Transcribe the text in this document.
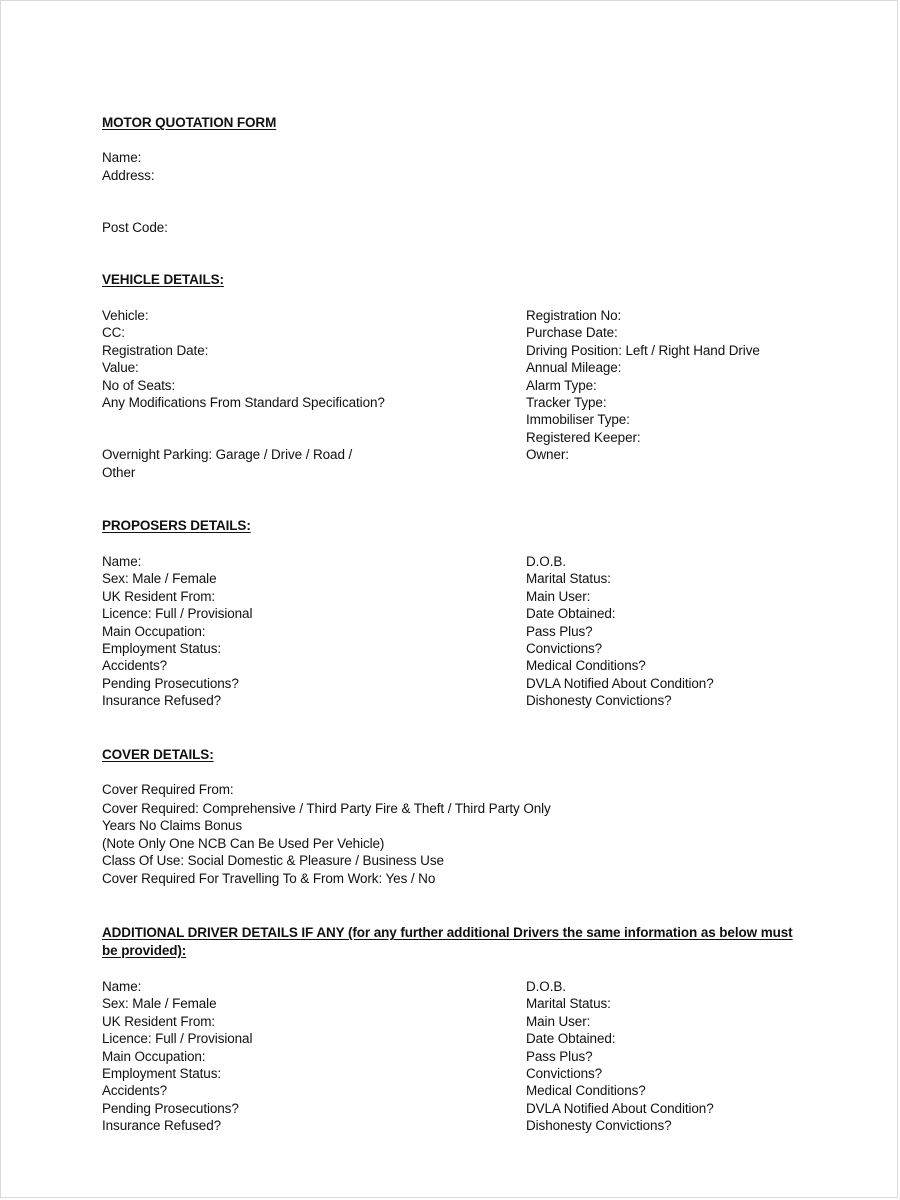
MOTOR QUOTATION FORM
Name:
Address:
Post Code:
VEHICLE DETAILS:
Vehicle:
CC:
Registration Date:
Value:
No of Seats:
Any Modifications From Standard Specification?
Overnight Parking: Garage / Drive / Road /
Other
Registration No:
Purchase Date:
Driving Position: Left / Right Hand Drive
Annual Mileage:
Alarm Type:
Tracker Type:
Immobiliser Type:
Registered Keeper:
Owner:
PROPOSERS DETAILS:
Name:
Sex: Male / Female
UK Resident From:
Licence: Full / Provisional
Main Occupation:
Employment Status:
Accidents?
Pending Prosecutions?
Insurance Refused?
D.O.B.
Marital Status:
Main User:
Date Obtained:
Pass Plus?
Convictions?
Medical Conditions?
DVLA Notified About Condition?
Dishonesty Convictions?
COVER DETAILS:
Cover Required From:
Cover Required: Comprehensive / Third Party Fire & Theft / Third Party Only
Years No Claims Bonus
(Note Only One NCB Can Be Used Per Vehicle)
Class Of Use: Social Domestic & Pleasure / Business Use
Cover Required For Travelling To & From Work: Yes / No
ADDITIONAL DRIVER DETAILS IF ANY (for any further additional Drivers the same information as below must be provided):
Name:
Sex: Male / Female
UK Resident From:
Licence: Full / Provisional
Main Occupation:
Employment Status:
Accidents?
Pending Prosecutions?
Insurance Refused?
D.O.B.
Marital Status:
Main User:
Date Obtained:
Pass Plus?
Convictions?
Medical Conditions?
DVLA Notified About Condition?
Dishonesty Convictions?
